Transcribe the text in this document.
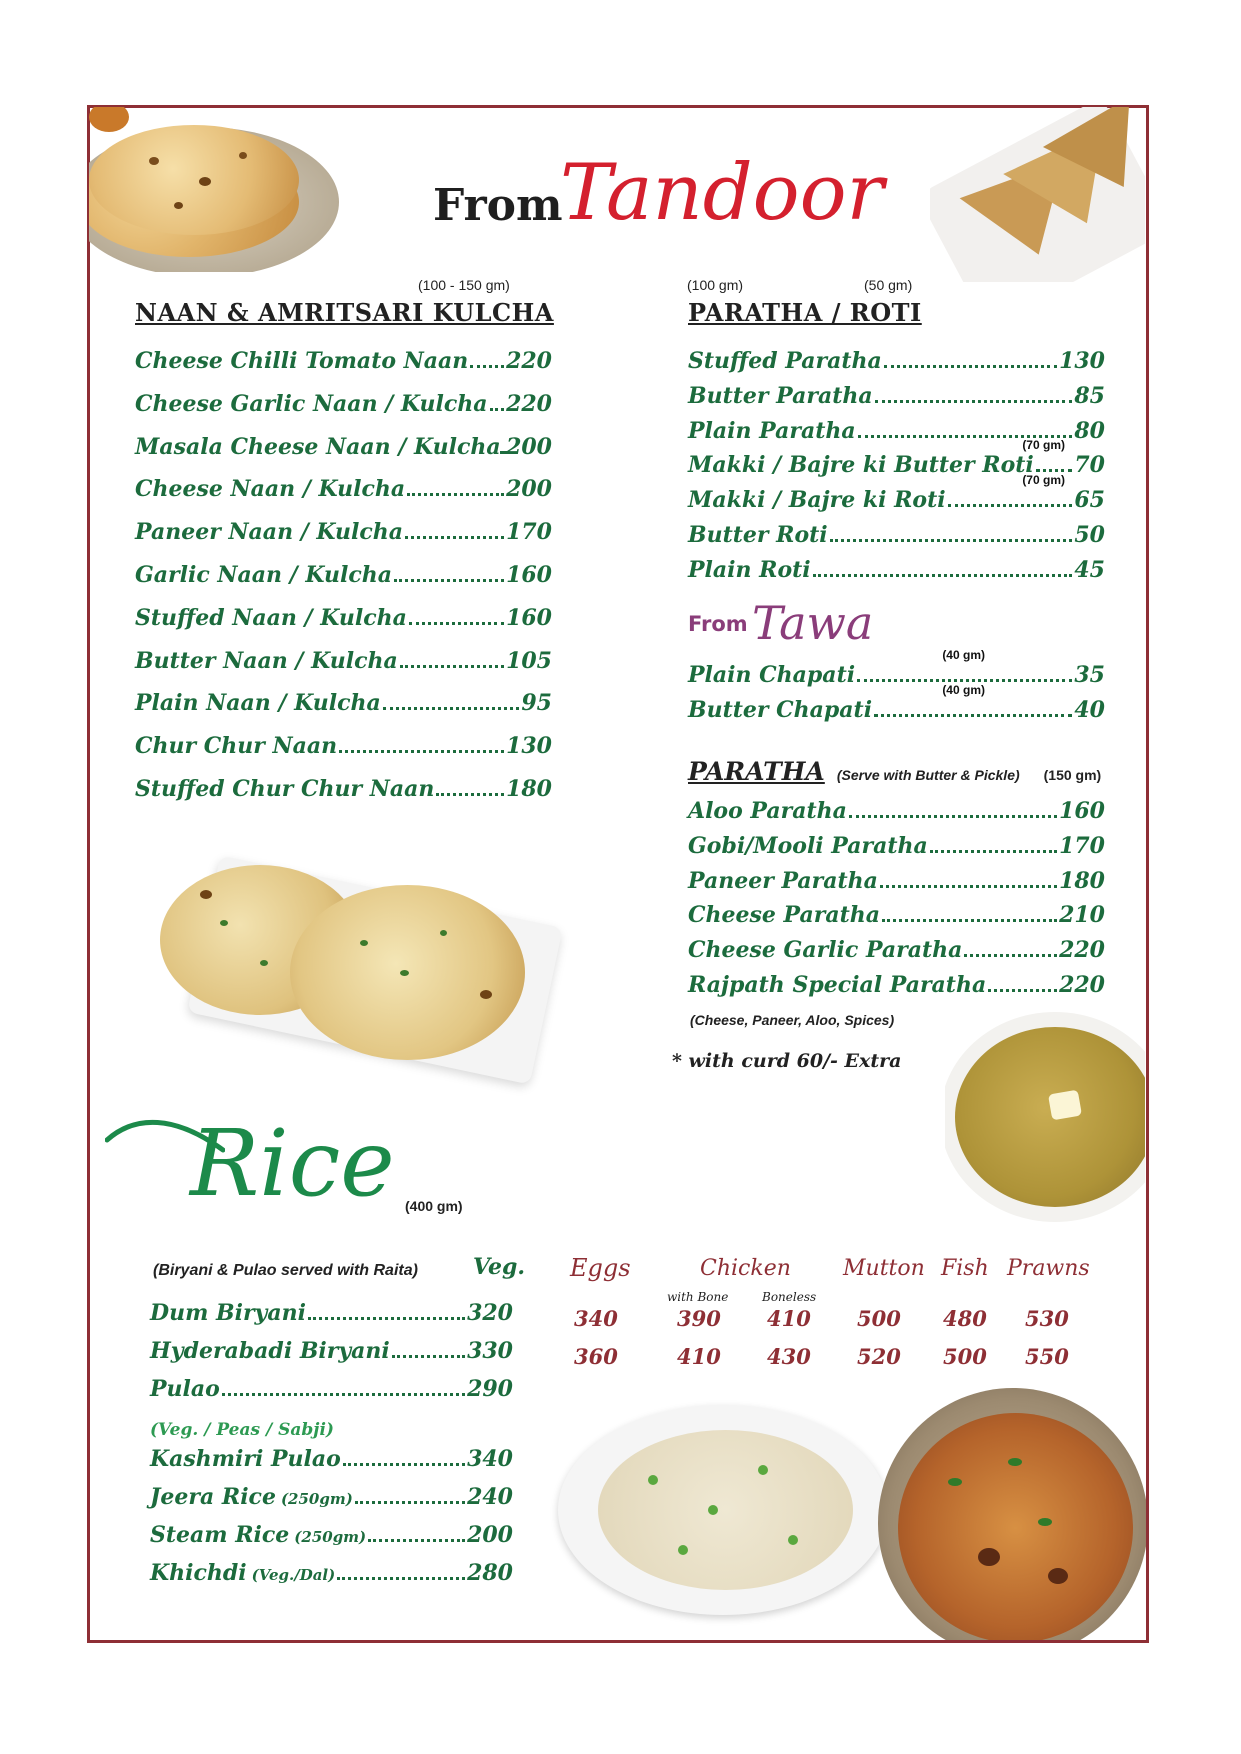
From
Tandoor
(100 - 150 gm)
NAAN & AMRITSARI KULCHA
Cheese Chilli Tomato Naan 220
Cheese Garlic Naan / Kulcha 220
Masala Cheese Naan / Kulcha 200
Cheese Naan / Kulcha	200
Paneer Naan / Kulcha	170
Garlic Naan / Kulcha	160
Stuffed Naan / Kulcha	160
Butter Naan / Kulcha	105
Plain Naan / Kulcha	95
Chur Chur Naan	130
Stuffed Chur Chur Naan	180
(100 gm)	(50 gm)
PARATHA / ROTI
Stuffed Paratha	130
Butter Paratha	85
Plain Paratha	80
Makki / Bajre ki Butter Roti 70
(70 gm)
Makki / Bajre ki Roti	65
(70 gm)
Butter Roti	50
Plain Roti	45
From Tawa
Plain Chapati	35
(40 gm)
Butter Chapati	40
(40 gm)
PARATHA (Serve with Butter & Pickle) (150 gm)
Aloo Paratha	160
Gobi/Mooli Paratha	170
Paneer Paratha	180
Cheese Paratha	210
Cheese Garlic Paratha	220
Rajpath Special Paratha	220
(Cheese, Paneer, Aloo, Spices)
* with curd 60/- Extra
Rice (400 gm)
(Biryani & Pulao served with Raita)	Veg. Eggs	Chicken
with Bone	Boneless
Mutton Fish Prawns
340	390 410 500 480 530
360	410 430 520 500 550
Dum Biryani	320
Hyderabadi Biryani	330
Pulao	290
Kashmiri Pulao	340
Jeera Rice (250gm)	240
Steam Rice (250gm)	200
Khichdi (Veg./Dal)	280
(Veg. / Peas / Sabji)
